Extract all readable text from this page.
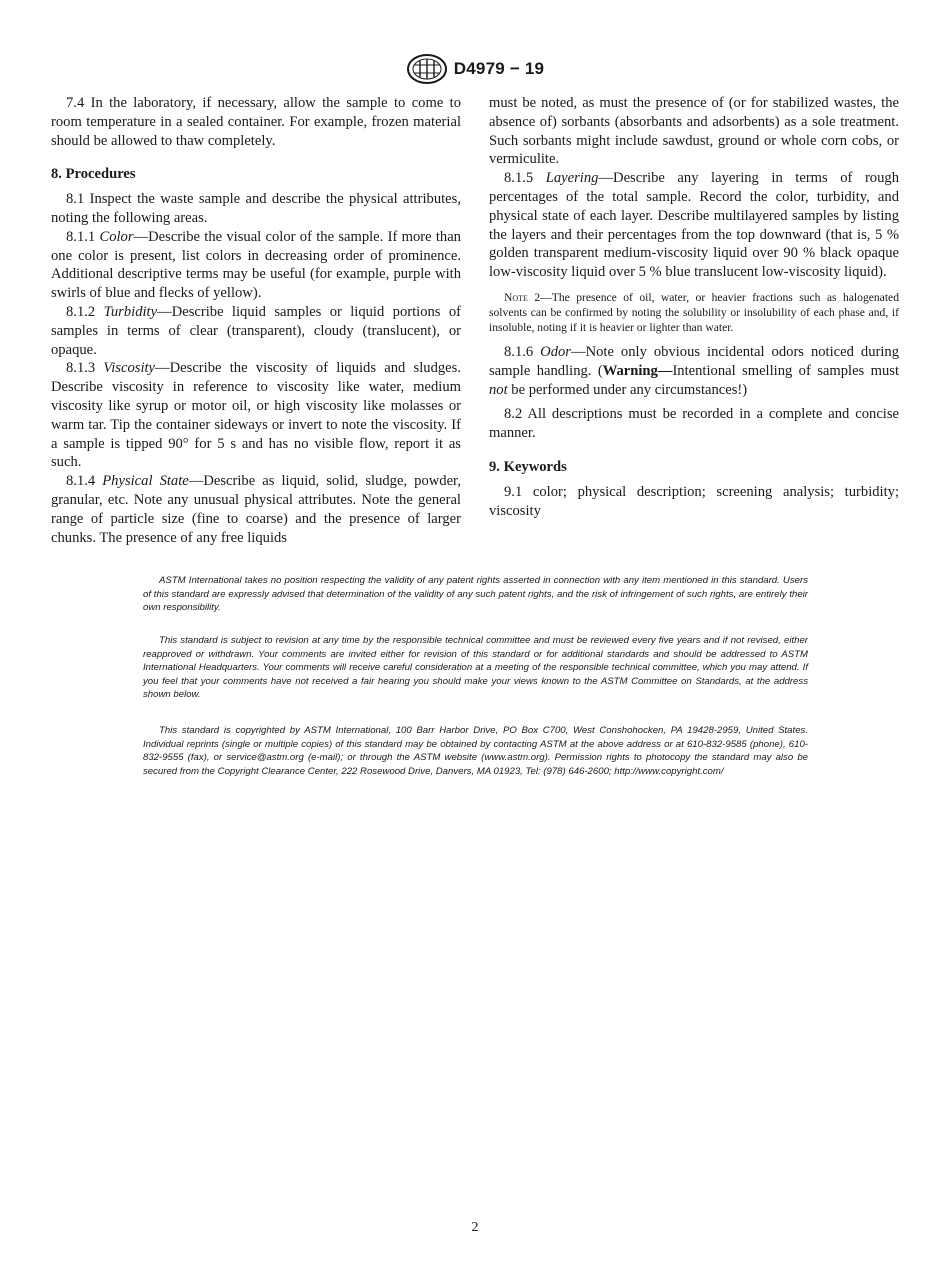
D4979 − 19

7.4 In the laboratory, if necessary, allow the sample to come to room temperature in a sealed container. For example, frozen material should be allowed to thaw completely.

8. Procedures

8.1 Inspect the waste sample and describe the physical attributes, noting the following areas.

8.1.1 Color—Describe the visual color of the sample. If more than one color is present, list colors in decreasing order of prominence. Additional descriptive terms may be useful (for example, purple with swirls of blue and flecks of yellow).

8.1.2 Turbidity—Describe liquid samples or liquid portions of samples in terms of clear (transparent), cloudy (translucent), or opaque.

8.1.3 Viscosity—Describe the viscosity of liquids and sludges. Describe viscosity in reference to viscosity like water, medium viscosity like syrup or motor oil, or high viscosity like molasses or warm tar. Tip the container sideways or invert to note the viscosity. If a sample is tipped 90° for 5 s and has no visible flow, report it as such.

8.1.4 Physical State—Describe as liquid, solid, sludge, powder, granular, etc. Note any unusual physical attributes. Note the general range of particle size (fine to coarse) and the presence of larger chunks. The presence of any free liquids

must be noted, as must the presence of (or for stabilized wastes, the absence of) sorbants (absorbants and adsorbents) as a sole treatment. Such sorbants might include sawdust, ground or whole corn cobs, or vermiculite.

8.1.5 Layering—Describe any layering in terms of rough percentages of the total sample. Record the color, turbidity, and physical state of each layer. Describe multilayered samples by listing the layers and their percentages from the top downward (that is, 5 % golden transparent medium-viscosity liquid over 90 % black opaque low-viscosity liquid over 5 % blue translucent low-viscosity liquid).

Note 2—The presence of oil, water, or heavier fractions such as halogenated solvents can be confirmed by noting the solubility or insolubility of each phase and, if insoluble, noting if it is heavier or lighter than water.

8.1.6 Odor—Note only obvious incidental odors noticed during sample handling. (Warning—Intentional smelling of samples must not be performed under any circumstances!)

8.2 All descriptions must be recorded in a complete and concise manner.

9. Keywords

9.1 color; physical description; screening analysis; turbidity; viscosity

ASTM International takes no position respecting the validity of any patent rights asserted in connection with any item mentioned in this standard. Users of this standard are expressly advised that determination of the validity of any such patent rights, and the risk of infringement of such rights, are entirely their own responsibility.

This standard is subject to revision at any time by the responsible technical committee and must be reviewed every five years and if not revised, either reapproved or withdrawn. Your comments are invited either for revision of this standard or for additional standards and should be addressed to ASTM International Headquarters. Your comments will receive careful consideration at a meeting of the responsible technical committee, which you may attend. If you feel that your comments have not received a fair hearing you should make your views known to the ASTM Committee on Standards, at the address shown below.

This standard is copyrighted by ASTM International, 100 Barr Harbor Drive, PO Box C700, West Conshohocken, PA 19428-2959, United States. Individual reprints (single or multiple copies) of this standard may be obtained by contacting ASTM at the above address or at 610-832-9585 (phone), 610-832-9555 (fax), or service@astm.org (e-mail); or through the ASTM website (www.astm.org). Permission rights to photocopy the standard may also be secured from the Copyright Clearance Center, 222 Rosewood Drive, Danvers, MA 01923, Tel: (978) 646-2600; http://www.copyright.com/

2
